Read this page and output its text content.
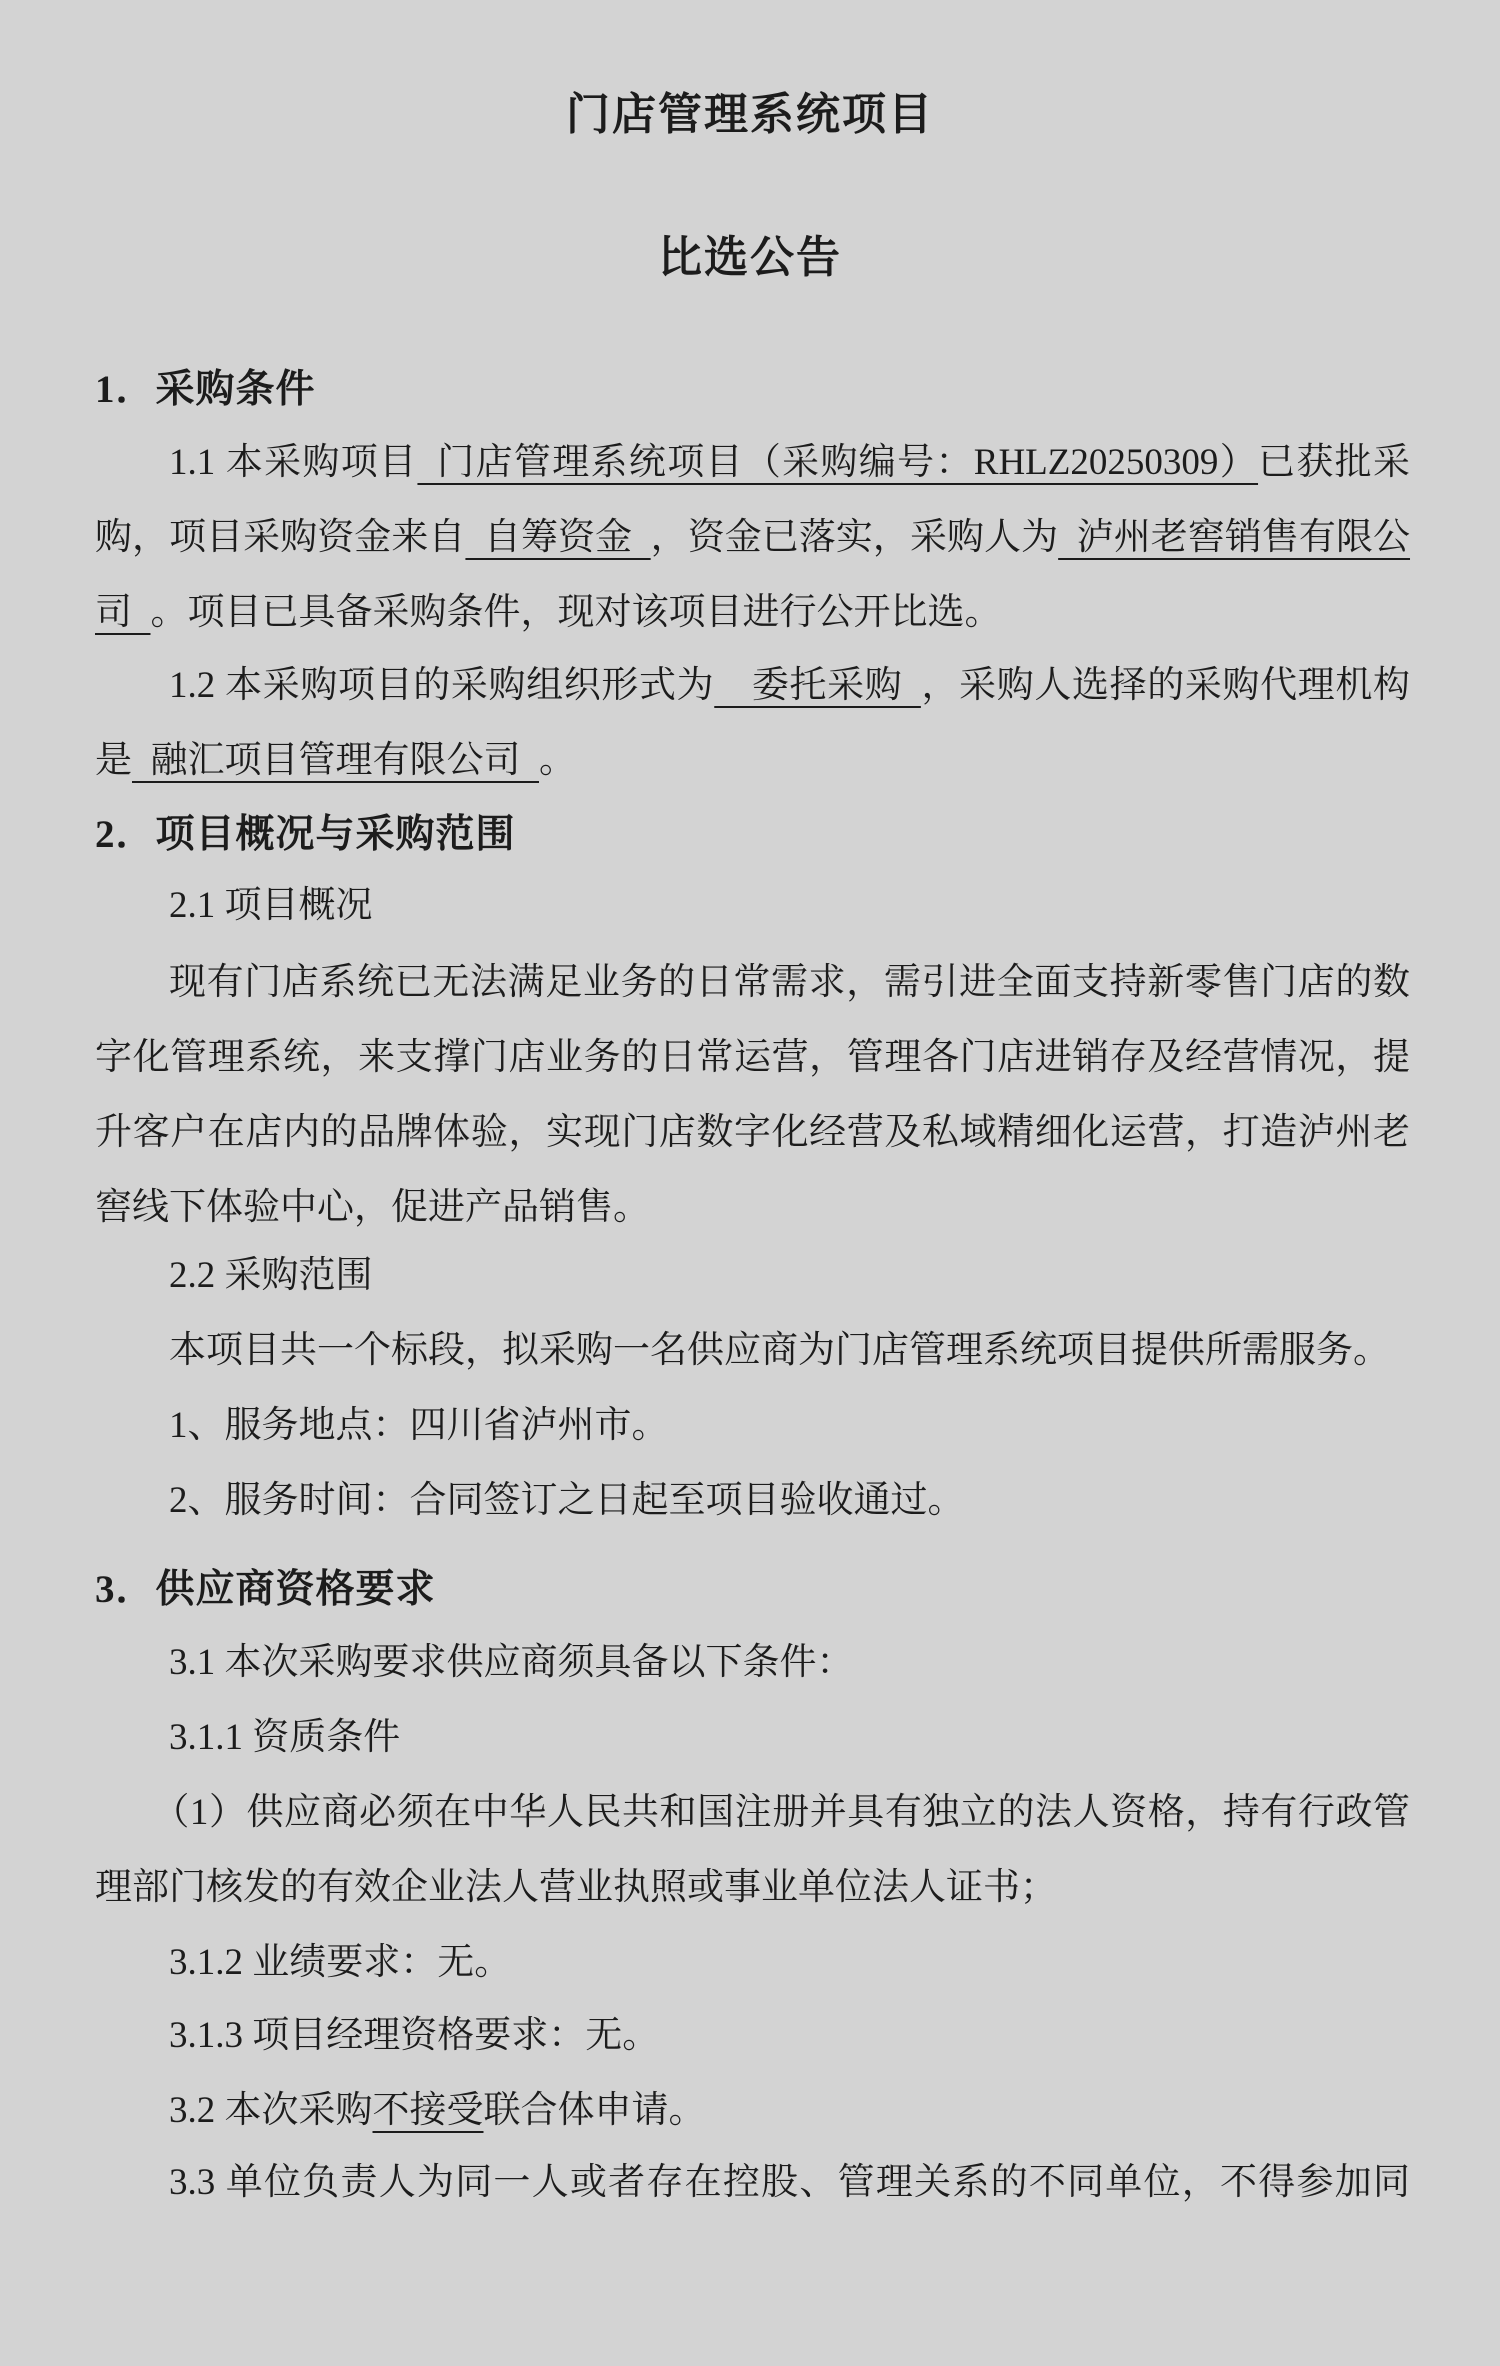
门店管理系统项目
比选公告
1．采购条件
1.1 本采购项目 门店管理系统项目（采购编号：RHLZ20250309）已获批采购，项目采购资金来自 自筹资金 ，资金已落实，采购人为 泸州老窖销售有限公司 。项目已具备采购条件，现对该项目进行公开比选。
1.2 本采购项目的采购组织形式为 委托采购 ，采购人选择的采购代理机构是 融汇项目管理有限公司 。
2．项目概况与采购范围
2.1 项目概况
现有门店系统已无法满足业务的日常需求，需引进全面支持新零售门店的数字化管理系统，来支撑门店业务的日常运营，管理各门店进销存及经营情况，提升客户在店内的品牌体验，实现门店数字化经营及私域精细化运营，打造泸州老窖线下体验中心，促进产品销售。
2.2 采购范围
本项目共一个标段，拟采购一名供应商为门店管理系统项目提供所需服务。
1、服务地点：四川省泸州市。
2、服务时间：合同签订之日起至项目验收通过。
3．供应商资格要求
3.1 本次采购要求供应商须具备以下条件：
3.1.1 资质条件
（1）供应商必须在中华人民共和国注册并具有独立的法人资格，持有行政管理部门核发的有效企业法人营业执照或事业单位法人证书；
3.1.2 业绩要求：无。
3.1.3 项目经理资格要求：无。
3.2 本次采购不接受联合体申请。
3.3 单位负责人为同一人或者存在控股、管理关系的不同单位，不得参加同
